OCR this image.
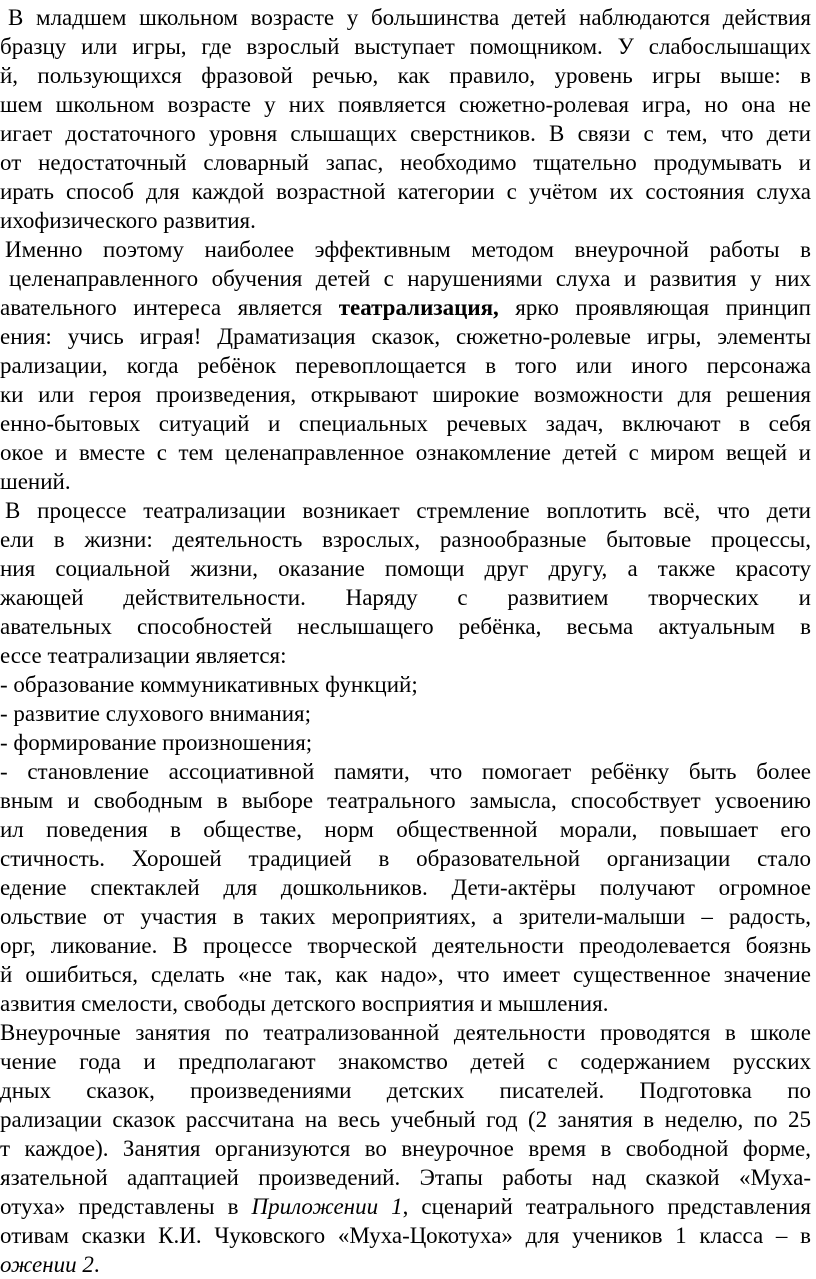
В младшем школьном возрасте у большинства детей наблюдаются действия
бразцу или игры, где взрослый выступает помощником. У слабослышащих
й, пользующихся фразовой речью, как правило, уровень игры выше: в
шем школьном возрасте у них появляется сюжетно-ролевая игра, но она не
игает достаточного уровня слышащих сверстников. В связи с тем, что дети
от недостаточный словарный запас, необходимо тщательно продумывать и
ирать способ для каждой возрастной категории с учётом их состояния слуха
ихофизического развития.
Именно поэтому наиболее эффективным методом внеурочной работы в
целенаправленного обучения детей с нарушениями слуха и развития у них
авательного интереса является театрализация, ярко проявляющая принцип
ения: учись играя! Драматизация сказок, сюжетно-ролевые игры, элементы
рализации, когда ребёнок перевоплощается в того или иного персонажа
ки или героя произведения, открывают широкие возможности для решения
енно-бытовых ситуаций и специальных речевых задач, включают в себя
окое и вместе с тем целенаправленное ознакомление детей с миром вещей и
шений.
В процессе театрализации возникает стремление воплотить всё, что дети
ели в жизни: деятельность взрослых, разнообразные бытовые процессы,
ния социальной жизни, оказание помощи друг другу, а также красоту
жающей действительности. Наряду с развитием творческих и
авательных способностей неслышащего ребёнка, весьма актуальным в
ессе театрализации является:
- образование коммуникативных функций;
- развитие слухового внимания;
- формирование произношения;
- становление ассоциативной памяти, что помогает ребёнку быть более
вным и свободным в выборе театрального замысла, способствует усвоению
ил поведения в обществе, норм общественной морали, повышает его
стичность. Хорошей традицией в образовательной организации стало
едение спектаклей для дошкольников. Дети-актёры получают огромное
ольствие от участия в таких мероприятиях, а зрители-малыши – радость,
орг, ликование. В процессе творческой деятельности преодолевается боязнь
й ошибиться, сделать «не так, как надо», что имеет существенное значение
азвития смелости, свободы детского восприятия и мышления.
Внеурочные занятия по театрализованной деятельности проводятся в школе
чение года и предполагают знакомство детей с содержанием русских
дных сказок, произведениями детских писателей. Подготовка по
рализации сказок рассчитана на весь учебный год (2 занятия в неделю, по 25
т каждое). Занятия организуются во внеурочное время в свободной форме,
язательной адаптацией произведений. Этапы работы над сказкой «Муха-
отуха» представлены в Приложении 1, сценарий театрального представления
отивам сказки К.И. Чуковского «Муха-Цокотуха» для учеников 1 класса – в
ожении 2.
